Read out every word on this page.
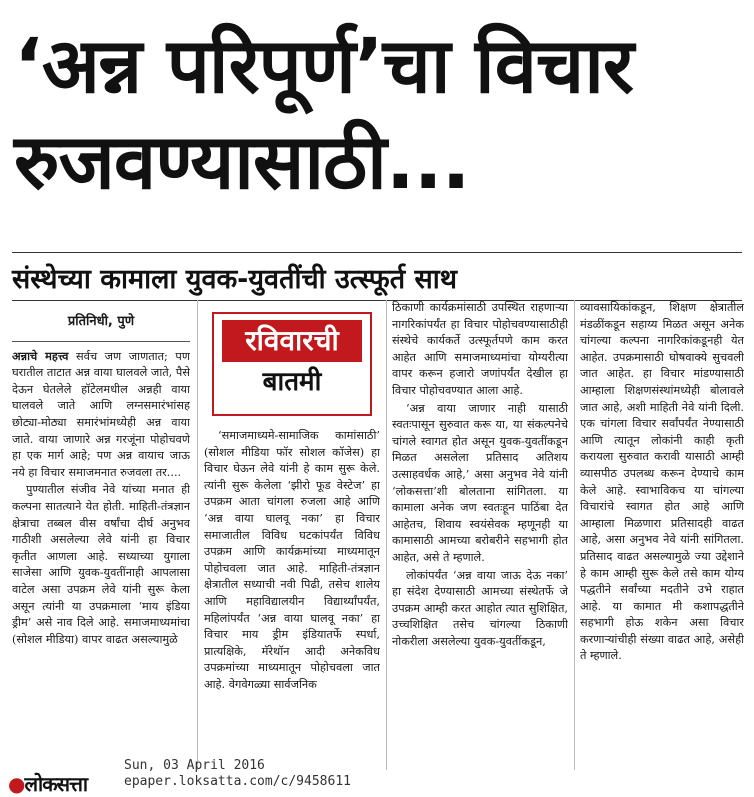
‘अन्न परिपूर्ण’चा विचार
रुजवण्यासाठी...
संस्थेच्या कामाला युवक-युवतींची उत्स्फूर्त साथ
प्रतिनिधी, पुणे

अन्नाचे महत्त्व सर्वच जण जाणतात; पण घरातील ताटात अन्न वाया घालवले जाते, पैसे देऊन घेतलेले हॉटेलमधील अन्नही वाया घालवले जाते आणि लग्नसमारंभांसह छोट्या-मोठ्या समारंभांमध्येही अन्न वाया जाते. वाया जाणारे अन्न गरजूंना पोहोचवणे हा एक मार्ग आहे; पण अन्न वायाच जाऊ नये हा विचार समाजमनात रुजवला तर....

पुण्यातील संजीव नेवे यांच्या मनात ही कल्पना सातत्याने येत होती. माहिती-तंत्रज्ञान क्षेत्राचा तब्बल वीस वर्षांचा दीर्घ अनुभव गाठीशी असलेल्या लेवे यांनी हा विचार कृतीत आणला आहे. सध्याच्या युगाला साजेसा आणि युवक-युवतींनाही आपलासा वाटेल असा उपक्रम लेवे यांनी सुरू केला असून त्यांनी या उपक्रमाला ‘माय इंडिया ड्रीम’ असे नाव दिले आहे. समाजमाध्यमांचा (सोशल मीडिया) वापर वाढत असल्यामुळे

रविवारची
बातमी

‘समाजमाध्यमे-सामाजिक कामांसाठी’ (सोशल मीडिया फॉर सोशल कॉजेस) हा विचार घेऊन लेवे यांनी हे काम सुरू केले. त्यांनी सुरू केलेला ‘झीरो फूड वेस्टेज’ हा उपक्रम आता चांगला रुजला आहे आणि ‘अन्न वाया घालवू नका’ हा विचार समाजातील विविध घटकांपर्यंत विविध उपक्रम आणि कार्यक्रमांच्या माध्यमातून पोहोचवला जात आहे. माहिती-तंत्रज्ञान क्षेत्रातील सध्याची नवी पिढी, तसेच शालेय आणि महाविद्यालयीन विद्यार्थ्यांपर्यंत, महिलांपर्यंत ‘अन्न वाया घालवू नका’ हा विचार माय ड्रीम इंडियातर्फे स्पर्धा, प्रात्यक्षिके, मॅरेथॉन आदी अनेकविध उपक्रमांच्या माध्यमातून पोहोचवला जात आहे. वेगवेगळ्या सार्वजनिक

ठिकाणी कार्यक्रमांसाठी उपस्थित राहणाऱ्या नागरिकांपर्यंत हा विचार पोहोचवण्यासाठीही संस्थेचे कार्यकर्ते उत्स्फूर्तपणे काम करत आहेत आणि समाजमाध्यमांचा योग्यरीत्या वापर करून हजारो जणांपर्यंत देखील हा विचार पोहोचवण्यात आला आहे.

‘अन्न वाया जाणार नाही यासाठी स्वतःपासून सुरुवात करू या, या संकल्पनेचे चांगले स्वागत होत असून युवक-युवतींकडून मिळत असलेला प्रतिसाद अतिशय उत्साहवर्धक आहे,’ असा अनुभव नेवे यांनी ‘लोकसत्ता’शी बोलताना सांगितला. या कामाला अनेक जण स्वतःहून पाठिंबा देत आहेतच, शिवाय स्वयंसेवक म्हणूनही या कामासाठी आमच्या बरोबरीने सहभागी होत आहेत, असे ते म्हणाले.

लोकांपर्यंत ‘अन्न वाया जाऊ देऊ नका’ हा संदेश देण्यासाठी आमच्या संस्थेतर्फे जे उपक्रम आम्ही करत आहोत त्यात सुशिक्षित, उच्चशिक्षित तसेच चांगल्या ठिकाणी नोकरीला असलेल्या युवक-युवतींकडून,

व्यावसायिकांकडून, शिक्षण क्षेत्रातील मंडळींकडून सहाय्य मिळत असून अनेक चांगल्या कल्पना नागरिकांकडूनही येत आहेत. उपक्रमासाठी घोषवाक्ये सुचवली जात आहेत. हा विचार मांडण्यासाठी आम्हाला शिक्षणसंस्थांमध्येही बोलावले जात आहे, अशी माहिती नेवे यांनी दिली. एक चांगला विचार सर्वांपर्यंत नेण्यासाठी आणि त्यातून लोकांनी काही कृती करायला सुरुवात करावी यासाठी आम्ही व्यासपीठ उपलब्ध करून देण्याचे काम केले आहे. स्वाभाविकच या चांगल्या विचारांचे स्वागत होत आहे आणि आम्हाला मिळणारा प्रतिसादही वाढत आहे, असा अनुभव नेवे यांनी सांगितला. प्रतिसाद वाढत असल्यामुळे ज्या उद्देशाने हे काम आम्ही सुरू केले तसे काम योग्य पद्धतीने सर्वांच्या मदतीने उभे राहात आहे. या कामात मी कशापद्धतीने सहभागी होऊ शकेन असा विचार करणाऱ्यांचीही संख्या वाढत आहे, असेही ते म्हणाले.

●लोकसत्ता
Sun, 03 April 2016
epaper.loksatta.com/c/9458611
